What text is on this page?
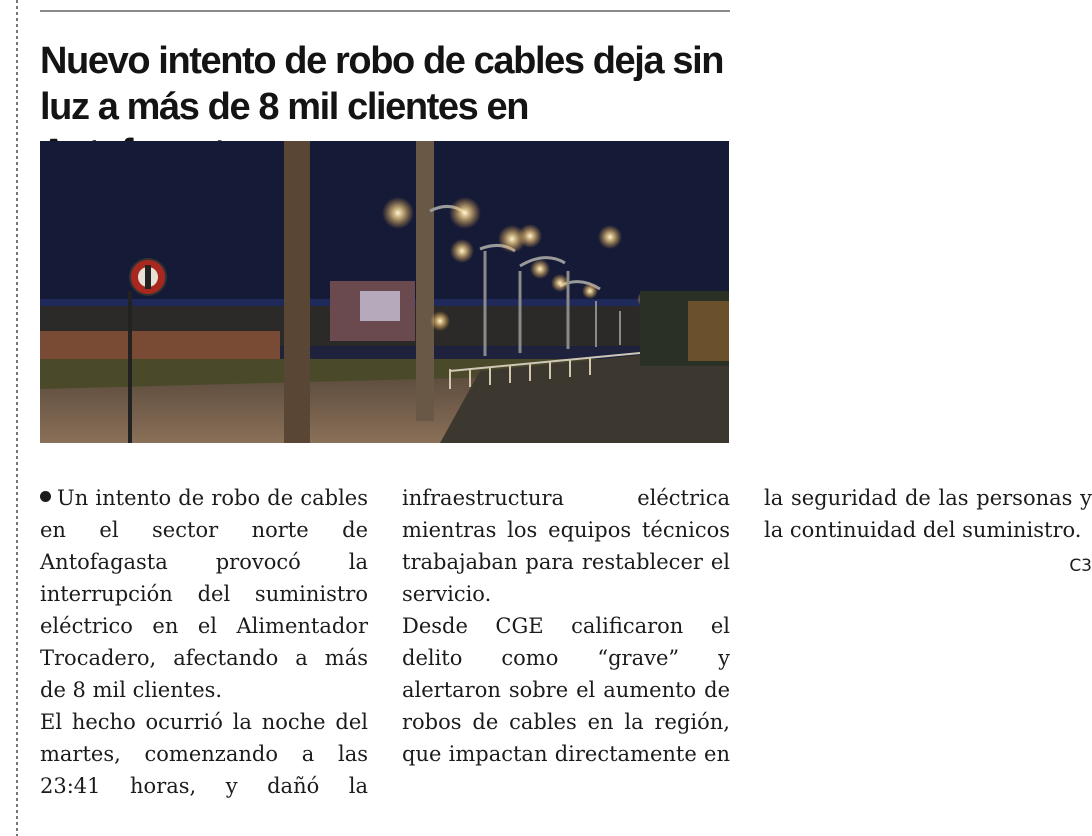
Nuevo intento de robo de cables deja sin luz a más de 8 mil clientes en

Un intento de robo de cables en el sector norte de Antofagasta provocó la interrupción del suministro eléctrico en el Alimentador Trocadero, afectando a más de 8 mil clientes.

El hecho ocurrió la noche del martes, comenzando a las 23:41 horas, y dañó la infraestructura eléctrica mientras los equipos técnicos trabajaban para restablecer el servicio.

Desde CGE calificaron el delito como “grave” y alertaron sobre el aumento de robos de cables en la región, que impactan directamente en la seguridad de las personas y la continuidad del suministro.
C3
